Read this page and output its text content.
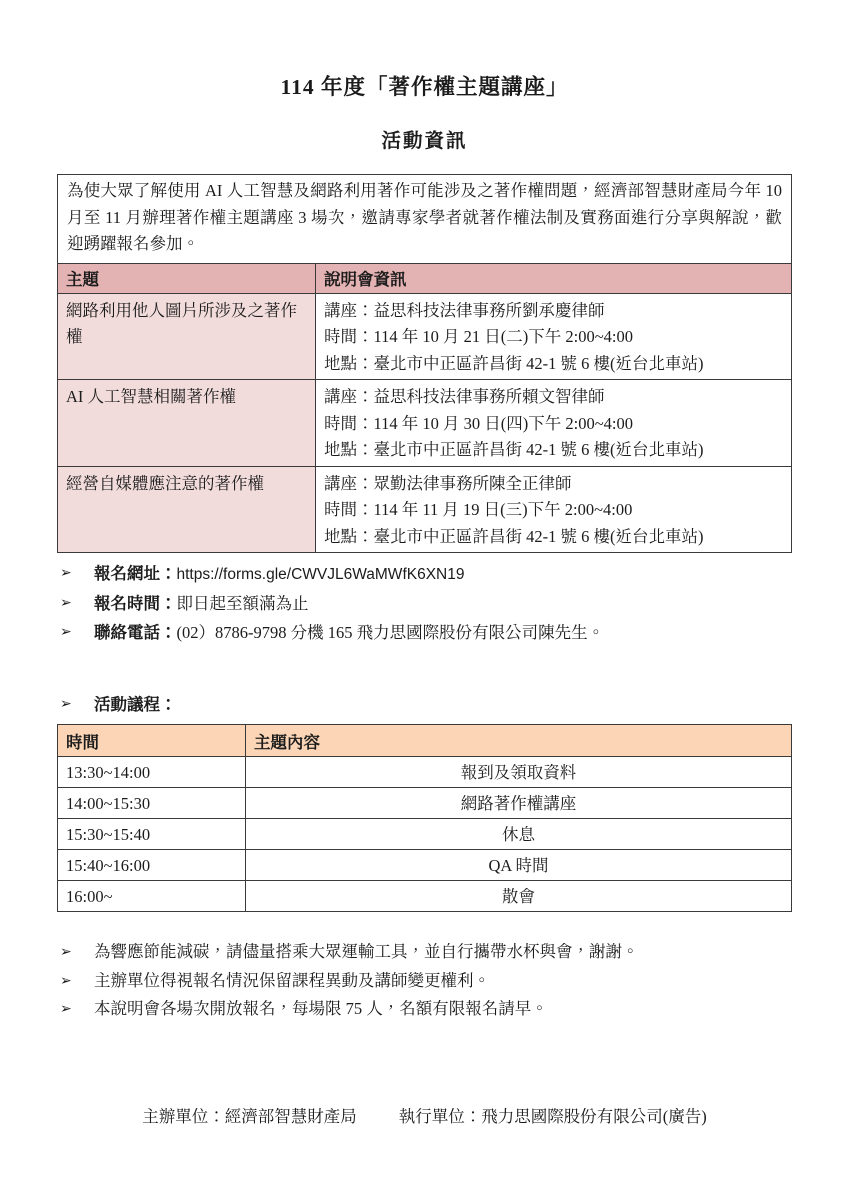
114 年度「著作權主題講座」
活動資訊
為使大眾了解使用 AI 人工智慧及網路利用著作可能涉及之著作權問題，經濟部智慧財產局今年 10 月至 11 月辦理著作權主題講座 3 場次，邀請專家學者就著作權法制及實務面進行分享與解說，歡迎踴躍報名參加。	
主題	說明會資訊
網路利用他人圖片所涉及之著作權	講座：益思科技法律事務所劉承慶律師
時間：114 年 10 月 21 日(二)下午 2:00~4:00
地點：臺北市中正區許昌街 42-1 號 6 樓(近台北車站)

AI 人工智慧相關著作權	講座：益思科技法律事務所賴文智律師
時間：114 年 10 月 30 日(四)下午 2:00~4:00
地點：臺北市中正區許昌街 42-1 號 6 樓(近台北車站)

經營自媒體應注意的著作權	講座：眾勤法律事務所陳全正律師
時間：114 年 11 月 19 日(三)下午 2:00~4:00
地點：臺北市中正區許昌街 42-1 號 6 樓(近台北車站)
➢	報名網址：https://forms.gle/CWVJL6WaMWfK6XN19
➢	報名時間：即日起至額滿為止
➢	聯絡電話：(02）8786-9798 分機 165 飛力思國際股份有限公司陳先生。
➢	活動議程：
時間	主題內容
13:30~14:00	報到及領取資料
14:00~15:30	網路著作權講座
15:30~15:40	休息
15:40~16:00	QA 時間
16:00~	散會
➢	為響應節能減碳，請儘量搭乘大眾運輸工具，並自行攜帶水杯與會，謝謝。
➢	主辦單位得視報名情況保留課程異動及講師變更權利。
➢	本說明會各場次開放報名，每場限 75 人，名額有限報名請早。
主辦單位：經濟部智慧財產局	執行單位：飛力思國際股份有限公司(廣告)
